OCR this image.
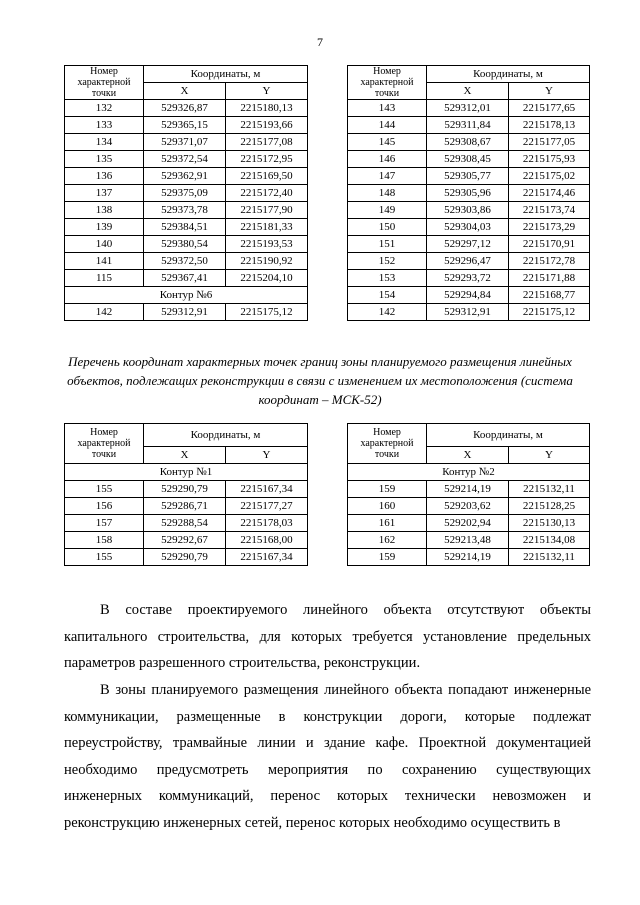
7
Номер характерной точки	Координаты, м	
	X	Y
132	529326,87	2215180,13
133	529365,15	2215193,66
134	529371,07	2215177,08
135	529372,54	2215172,95
136	529362,91	2215169,50
137	529375,09	2215172,40
138	529373,78	2215177,90
139	529384,51	2215181,33
140	529380,54	2215193,53
141	529372,50	2215190,92
115	529367,41	2215204,10
Контур №6		
142	529312,91	2215175,12
Номер характерной точки	Координаты, м	
	X	Y
143	529312,01	2215177,65
144	529311,84	2215178,13
145	529308,67	2215177,05
146	529308,45	2215175,93
147	529305,77	2215175,02
148	529305,96	2215174,46
149	529303,86	2215173,74
150	529304,03	2215173,29
151	529297,12	2215170,91
152	529296,47	2215172,78
153	529293,72	2215171,88
154	529294,84	2215168,77
142	529312,91	2215175,12
Перечень координат характерных точек границ зоны планируемого размещения линейных объектов, подлежащих реконструкции в связи с изменением их местоположения (система координат – МСК-52)
Номер характерной точки	Координаты, м	
	X	Y
Контур №1		
155	529290,79	2215167,34
156	529286,71	2215177,27
157	529288,54	2215178,03
158	529292,67	2215168,00
155	529290,79	2215167,34
Номер характерной точки	Координаты, м	
	X	Y
Контур №2		
159	529214,19	2215132,11
160	529203,62	2215128,25
161	529202,94	2215130,13
162	529213,48	2215134,08
159	529214,19	2215132,11
В составе проектируемого линейного объекта отсутствуют объекты капитального строительства, для которых требуется установление предельных параметров разрешенного строительства, реконструкции.
В зоны планируемого размещения линейного объекта попадают инженерные коммуникации, размещенные в конструкции дороги, которые подлежат переустройству, трамвайные линии и здание кафе. Проектной документацией необходимо предусмотреть мероприятия по сохранению существующих инженерных коммуникаций, перенос которых технически невозможен и реконструкцию инженерных сетей, перенос которых необходимо осуществить в
